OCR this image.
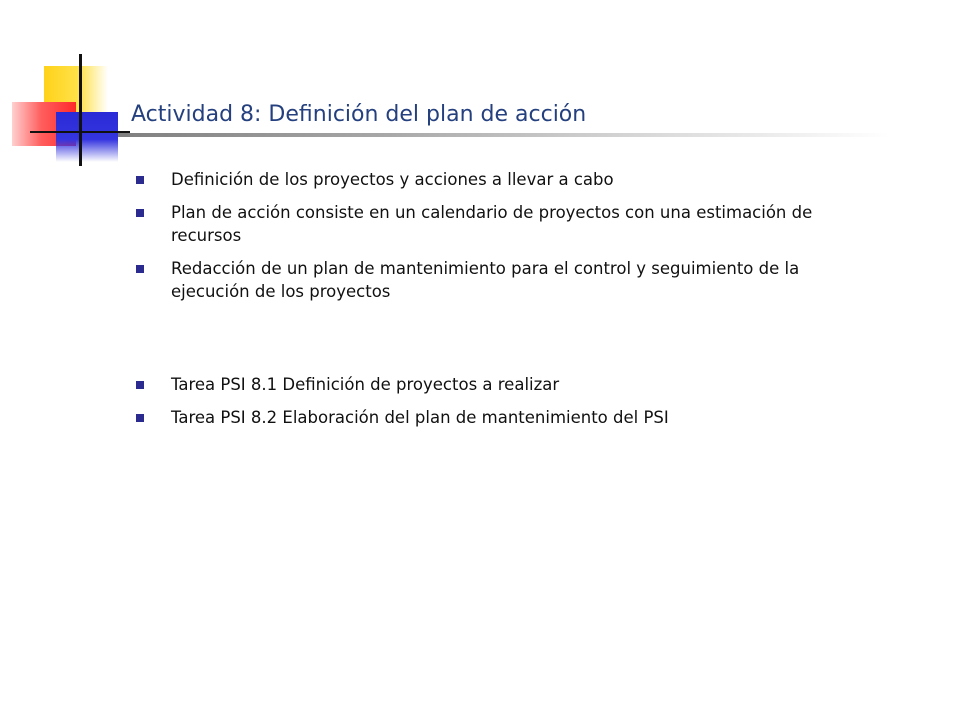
Actividad 8: Definición del plan de acción
Definición de los proyectos y acciones a llevar a cabo
Plan de acción consiste en un calendario de proyectos con una estimación de recursos
Redacción de un plan de mantenimiento para el control y seguimiento de la ejecución de los proyectos
Tarea PSI 8.1 Definición de proyectos a realizar
Tarea PSI 8.2 Elaboración del plan de mantenimiento del PSI
